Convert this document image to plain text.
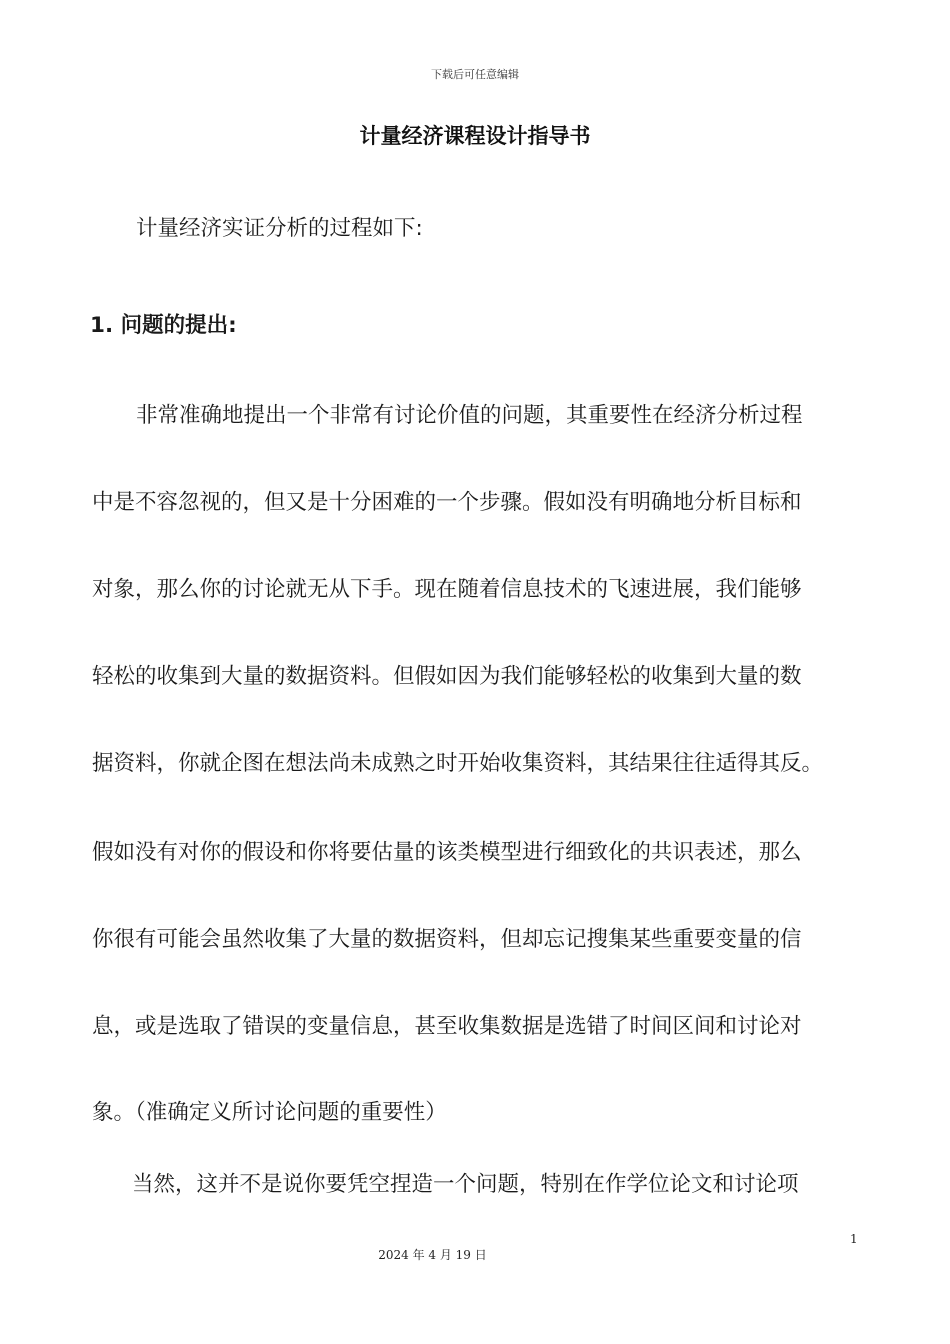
下载后可任意编辑
计量经济课程设计指导书
计量经济实证分析的过程如下:
1. 问题的提出:
非常准确地提出一个非常有讨论价值的问题，其重要性在经济分析过程
中是不容忽视的，但又是十分困难的一个步骤。假如没有明确地分析目标和
对象，那么你的讨论就无从下手。现在随着信息技术的飞速进展，我们能够
轻松的收集到大量的数据资料。但假如因为我们能够轻松的收集到大量的数
据资料，你就企图在想法尚未成熟之时开始收集资料，其结果往往适得其反。
假如没有对你的假设和你将要估量的该类模型进行细致化的共识表述，那么
你很有可能会虽然收集了大量的数据资料，但却忘记搜集某些重要变量的信
息，或是选取了错误的变量信息，甚至收集数据是选错了时间区间和讨论对
象。（准确定义所讨论问题的重要性）
当然，这并不是说你要凭空捏造一个问题，特别在作学位论文和讨论项
1
2024 年 4 月 19 日
